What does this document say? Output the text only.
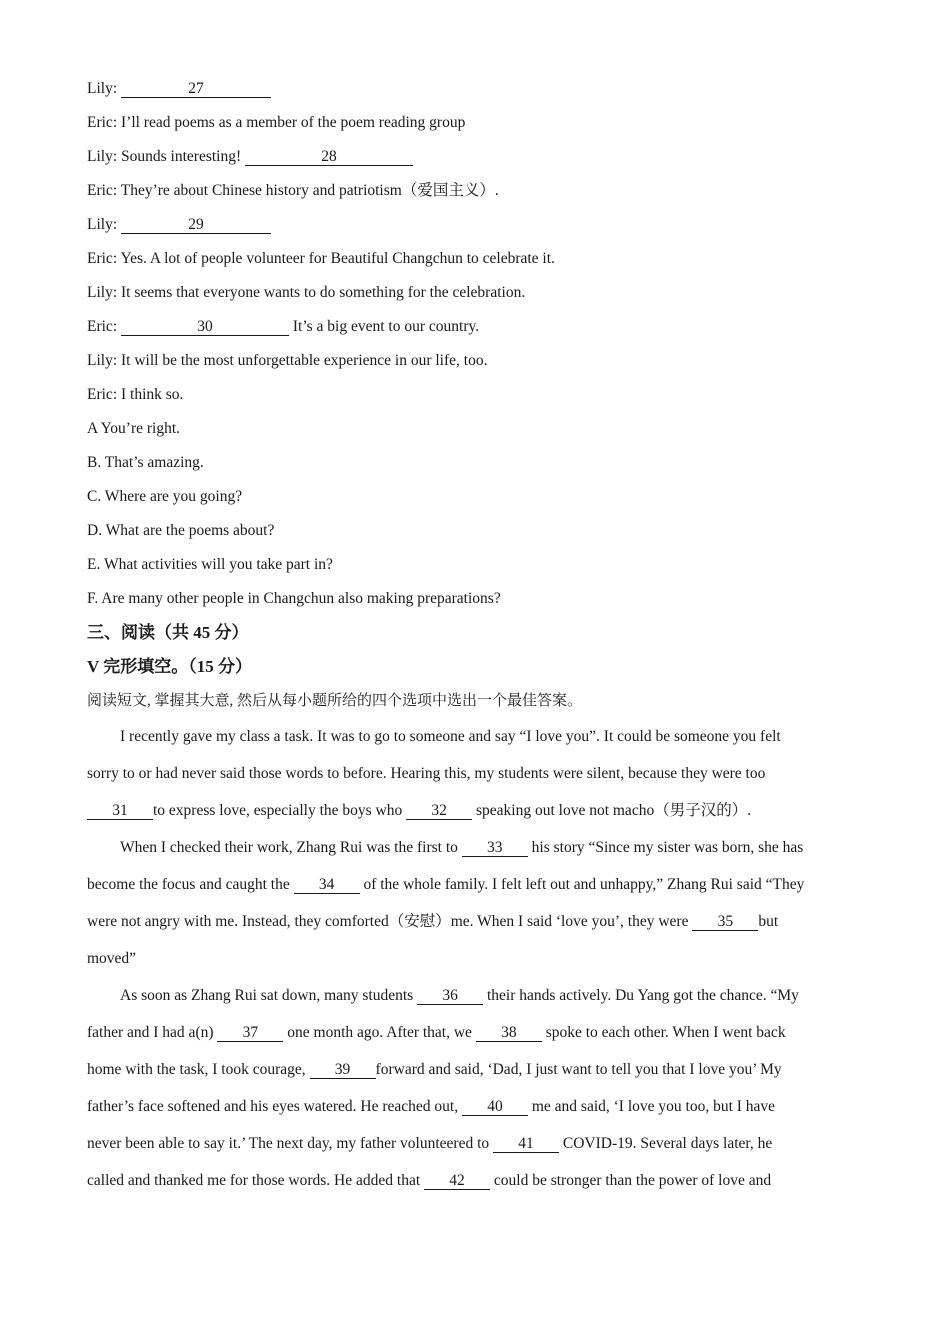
Lily:	27
Eric: I’ll read poems as a member of the poem reading group
Lily: Sounds interesting!	28
Eric: They’re about Chinese history and patriotism（爱国主义）.
Lily:	29
Eric: Yes. A lot of people volunteer for Beautiful Changchun to celebrate it.
Lily: It seems that everyone wants to do something for the celebration.
Eric:	30	It’s a big event to our country.
Lily: It will be the most unforgettable experience in our life, too.
Eric: I think so.
A You’re right.
B. That’s amazing.
C. Where are you going?
D. What are the poems about?
E. What activities will you take part in?
F. Are many other people in Changchun also making preparations?
三、阅读（共 45 分）
V 完形填空。（15 分）
阅读短文, 掌握其大意, 然后从每小题所给的四个选项中选出一个最佳答案。
I recently gave my class a task. It was to go to someone and say “I love you”. It could be someone you felt
sorry to or had never said those words to before. Hearing this, my students were silent, because they were too
31 to express love, especially the boys who 32 speaking out love not macho（男子汉的）.
When I checked their work, Zhang Rui was the first to 33 his story “Since my sister was born, she has
become the focus and caught the 34 of the whole family. I felt left out and unhappy,” Zhang Rui said “They
were not angry with me. Instead, they comforted（安慰）me. When I said ‘love you’, they were 35 but
moved”
As soon as Zhang Rui sat down, many students 36 their hands actively. Du Yang got the chance. “My
father and I had a(n) 37 one month ago. After that, we 38 spoke to each other. When I went back
home with the task, I took courage, 39 forward and said, ‘Dad, I just want to tell you that I love you’ My
father’s face softened and his eyes watered. He reached out, 40 me and said, ‘I love you too, but I have
never been able to say it.’ The next day, my father volunteered to 41 COVID-19. Several days later, he
called and thanked me for those words. He added that 42 could be stronger than the power of love and
